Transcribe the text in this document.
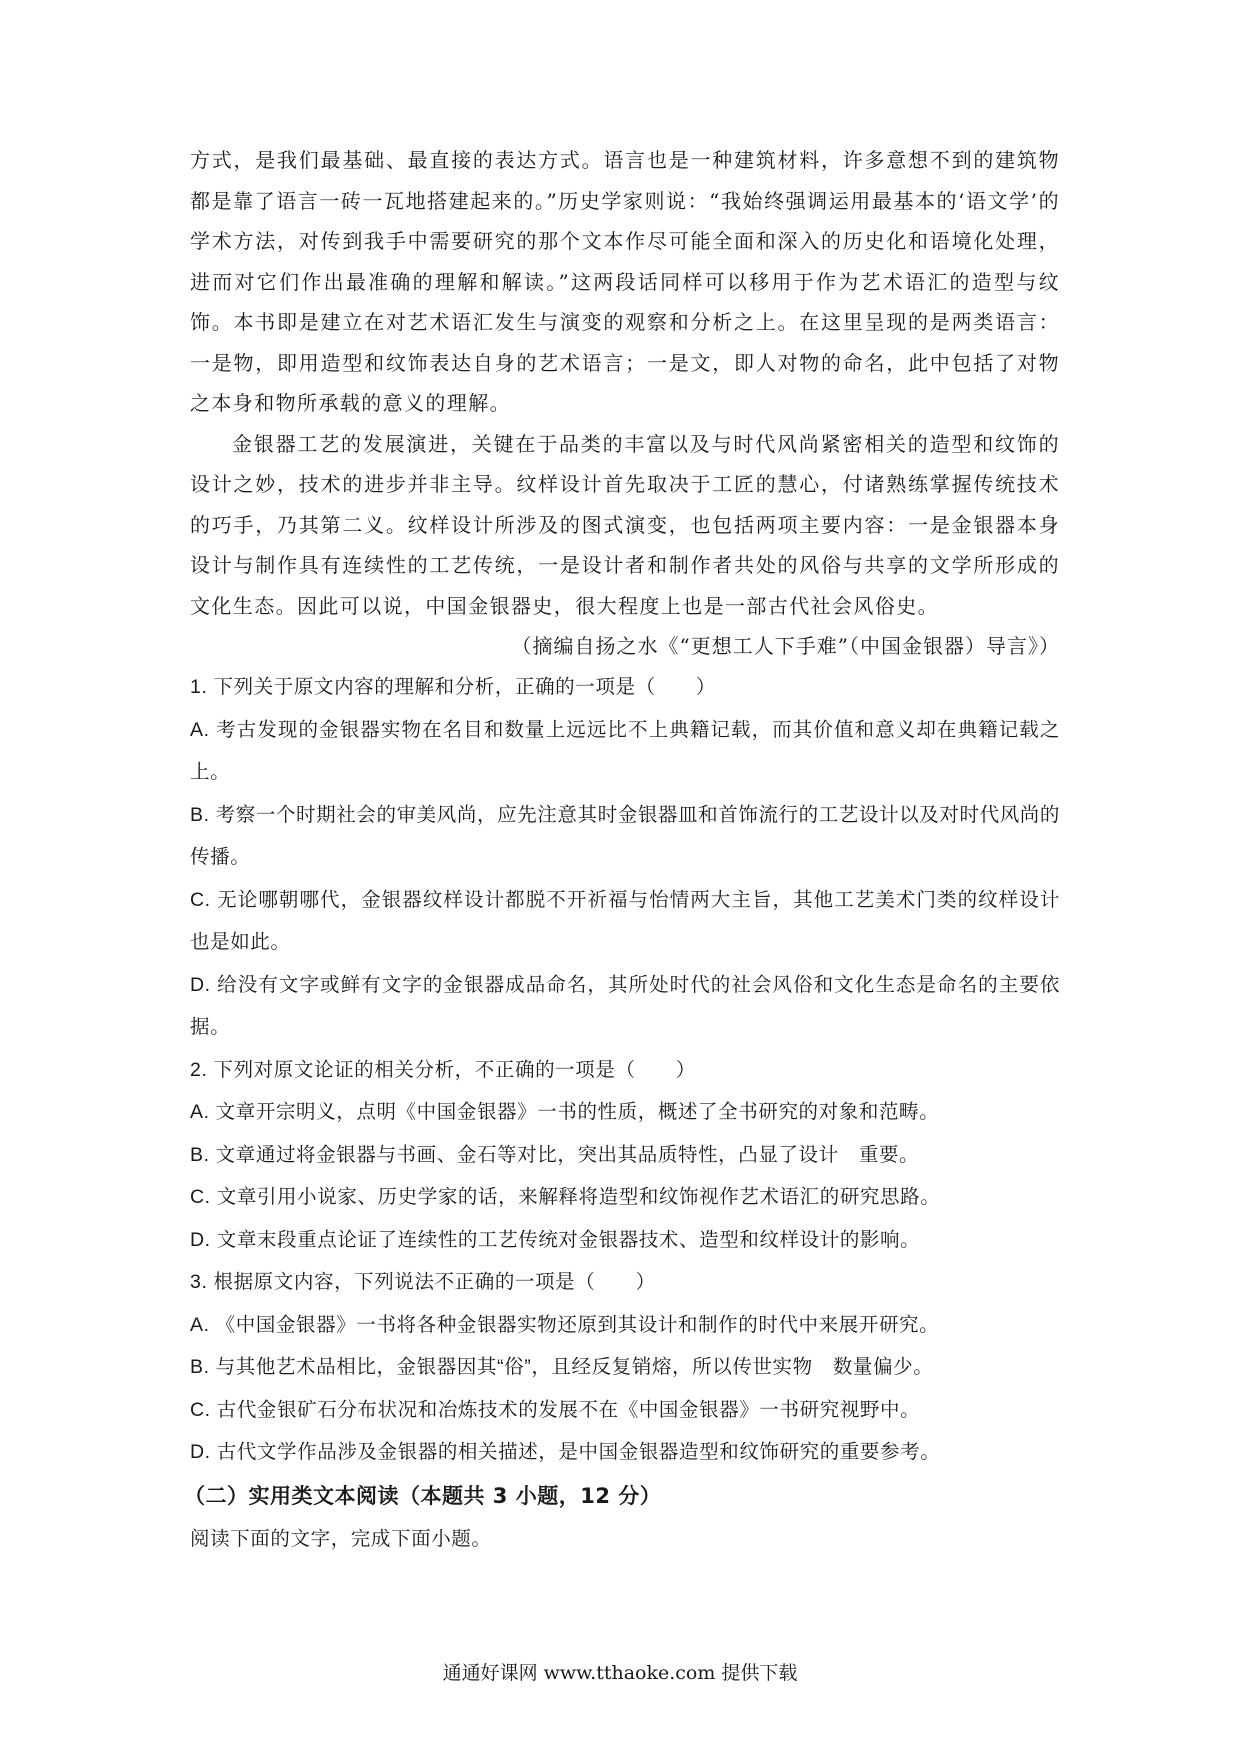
方式，是我们最基础、最直接的表达方式。语言也是一种建筑材料，许多意想不到的建筑物都是靠了语言一砖一瓦地搭建起来的。”历史学家则说：“我始终强调运用最基本的‘语文学’的学术方法，对传到我手中需要研究的那个文本作尽可能全面和深入的历史化和语境化处理，进而对它们作出最准确的理解和解读。”这两段话同样可以移用于作为艺术语汇的造型与纹饰。本书即是建立在对艺术语汇发生与演变的观察和分析之上。在这里呈现的是两类语言：一是物，即用造型和纹饰表达自身的艺术语言；一是文，即人对物的命名，此中包括了对物之本身和物所承载的意义的理解。

金银器工艺的发展演进，关键在于品类的丰富以及与时代风尚紧密相关的造型和纹饰的设计之妙，技术的进步并非主导。纹样设计首先取决于工匠的慧心，付诸熟练掌握传统技术的巧手，乃其第二义。纹样设计所涉及的图式演变，也包括两项主要内容：一是金银器本身设计与制作具有连续性的工艺传统，一是设计者和制作者共处的风俗与共享的文学所形成的文化生态。因此可以说，中国金银器史，很大程度上也是一部古代社会风俗史。

（摘编自扬之水《“更想工人下手难”（中国金银器）导言》）

1. 下列关于原文内容的理解和分析，正确的一项是（　　）

A. 考古发现的金银器实物在名目和数量上远远比不上典籍记载，而其价值和意义却在典籍记载之上。

B. 考察一个时期社会的审美风尚，应先注意其时金银器皿和首饰流行的工艺设计以及对时代风尚的传播。

C. 无论哪朝哪代，金银器纹样设计都脱不开祈福与怡情两大主旨，其他工艺美术门类的纹样设计也是如此。

D. 给没有文字或鲜有文字的金银器成品命名，其所处时代的社会风俗和文化生态是命名的主要依据。

2. 下列对原文论证的相关分析，不正确的一项是（　　）

A. 文章开宗明义，点明《中国金银器》一书的性质，概述了全书研究的对象和范畴。

B. 文章通过将金银器与书画、金石等对比，突出其品质特性，凸显了设计　重要。

C. 文章引用小说家、历史学家的话，来解释将造型和纹饰视作艺术语汇的研究思路。

D. 文章末段重点论证了连续性的工艺传统对金银器技术、造型和纹样设计的影响。

3. 根据原文内容，下列说法不正确的一项是（　　）

A. 《中国金银器》一书将各种金银器实物还原到其设计和制作的时代中来展开研究。

B. 与其他艺术品相比，金银器因其“俗”，且经反复销熔，所以传世实物　数量偏少。

C. 古代金银矿石分布状况和冶炼技术的发展不在《中国金银器》一书研究视野中。

D. 古代文学作品涉及金银器的相关描述，是中国金银器造型和纹饰研究的重要参考。

（二）实用类文本阅读（本题共 3 小题，12 分）

阅读下面的文字，完成下面小题。

通通好课网 www.tthaoke.com 提供下载
